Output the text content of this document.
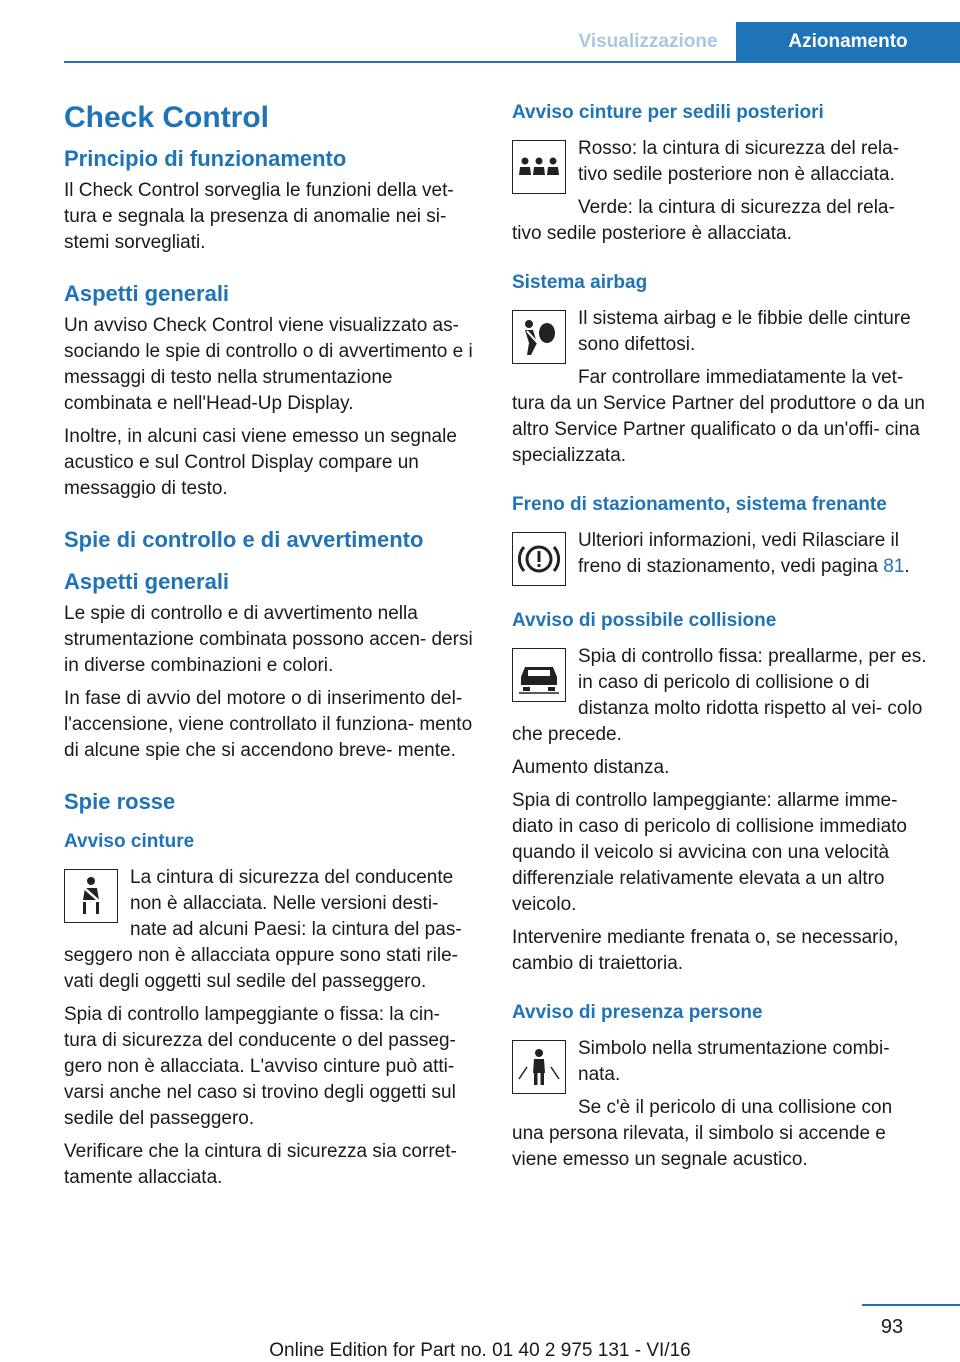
Visualizzazione	Azionamento
Check Control
Principio di funzionamento

Il Check Control sorveglia le funzioni della vet- tura e segnala la presenza di anomalie nei si- stemi sorvegliati.

Aspetti generali

Un avviso Check Control viene visualizzato as- sociando le spie di controllo o di avvertimento e i messaggi di testo nella strumentazione combinata e nell'Head-Up Display.

Inoltre, in alcuni casi viene emesso un segnale acustico e sul Control Display compare un messaggio di testo.

Spie di controllo e di avvertimento
Aspetti generali

Le spie di controllo e di avvertimento nella strumentazione combinata possono accen- dersi in diverse combinazioni e colori.

In fase di avvio del motore o di inserimento del- l'accensione, viene controllato il funziona- mento di alcune spie che si accendono breve- mente.

Spie rosse
Avviso cinture

La cintura di sicurezza del conducente non è allacciata. Nelle versioni desti- nate ad alcuni Paesi: la cintura del pas- seggero non è allacciata oppure sono stati rile- vati degli oggetti sul sedile del passeggero.

Spia di controllo lampeggiante o fissa: la cin- tura di sicurezza del conducente o del passeg- gero non è allacciata. L'avviso cinture può atti- varsi anche nel caso si trovino degli oggetti sul sedile del passeggero.

Verificare che la cintura di sicurezza sia corret- tamente allacciata.

Avviso cinture per sedili posteriori

Rosso: la cintura di sicurezza del rela- tivo sedile posteriore non è allacciata.

Verde: la cintura di sicurezza del rela- tivo sedile posteriore è allacciata.

Sistema airbag

Il sistema airbag e le fibbie delle cinture sono difettosi.

Far controllare immediatamente la vet- tura da un Service Partner del produttore o da un altro Service Partner qualificato o da un'offi- cina specializzata.

Freno di stazionamento, sistema frenante

Ulteriori informazioni, vedi Rilasciare il freno di stazionamento, vedi pagina 81.

Avviso di possibile collisione

Spia di controllo fissa: preallarme, per es. in caso di pericolo di collisione o di distanza molto ridotta rispetto al vei- colo che precede.

Aumento distanza.

Spia di controllo lampeggiante: allarme imme- diato in caso di pericolo di collisione immediato quando il veicolo si avvicina con una velocità differenziale relativamente elevata a un altro veicolo.

Intervenire mediante frenata o, se necessario, cambio di traiettoria.

Avviso di presenza persone

Simbolo nella strumentazione combi- nata.

Se c'è il pericolo di una collisione con una persona rilevata, il simbolo si accende e viene emesso un segnale acustico.

93
Online Edition for Part no. 01 40 2 975 131 - VI/16
